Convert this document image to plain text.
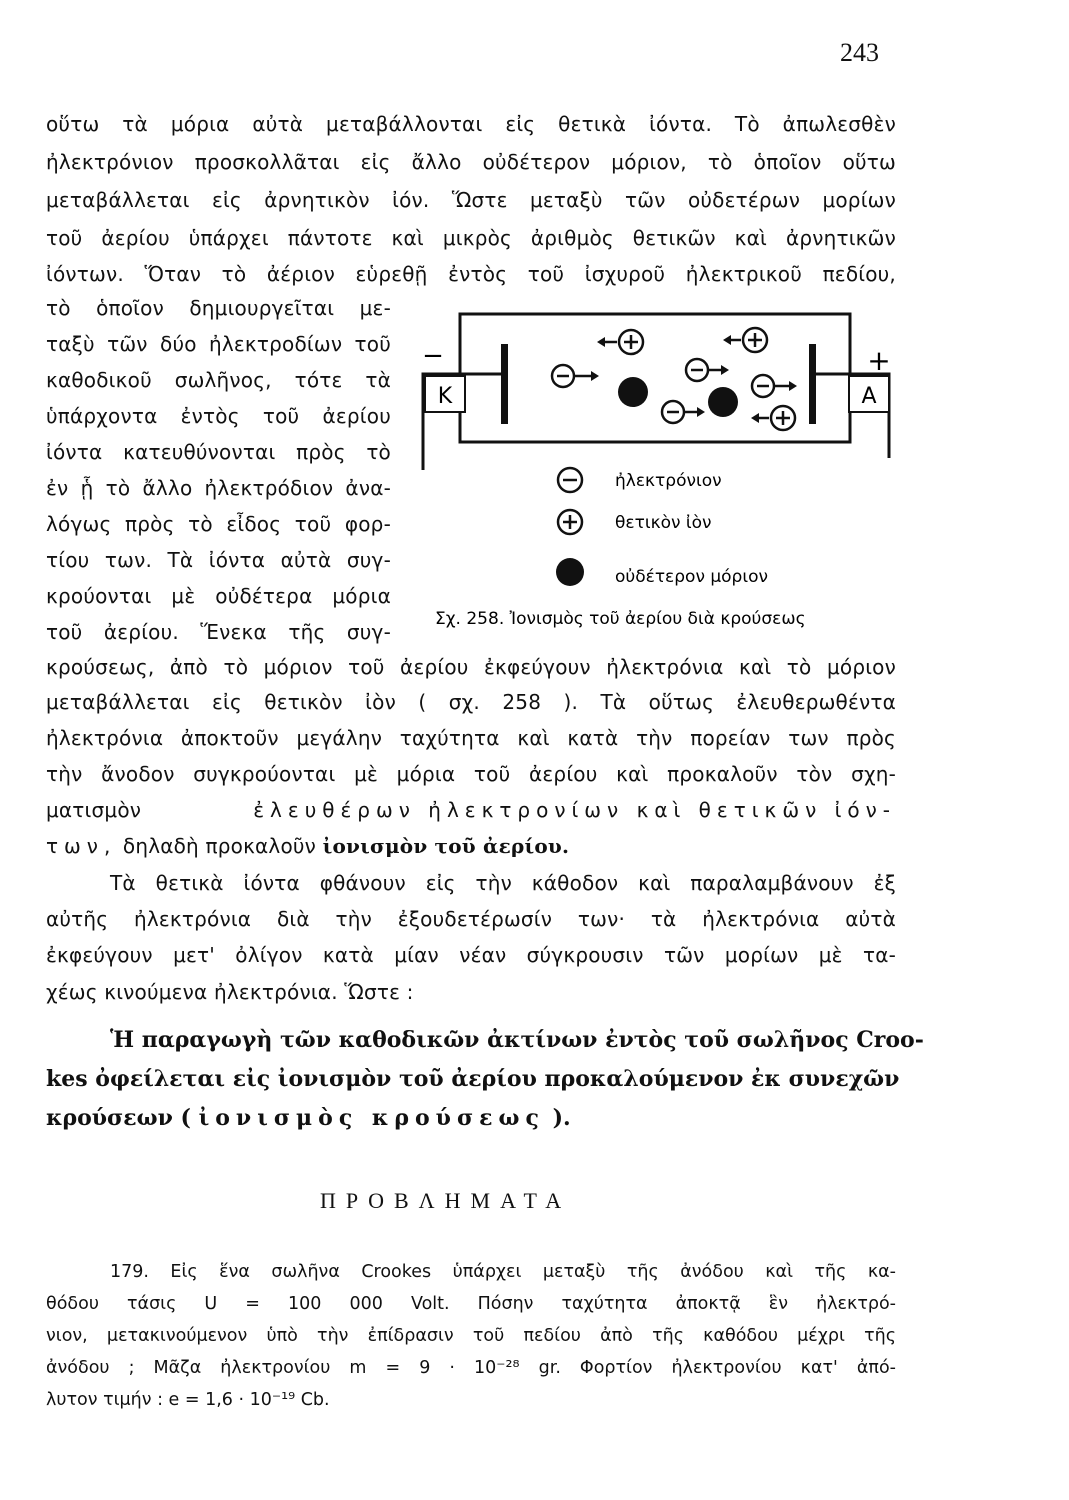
243
οὕτω τὰ μόρια αὐτὰ μεταβάλλονται εἰς θετικὰ ἰόντα. Τὸ ἀπωλεσθὲν
ἠλεκτρόνιον προσκολλᾶται εἰς ἄλλο οὐδέτερον μόριον, τὸ ὁποῖον οὕτω
μεταβάλλεται εἰς ἀρνητικὸν ἰόν. Ὥστε μεταξὺ τῶν οὐδετέρων μορίων
τοῦ ἀερίου ὑπάρχει πάντοτε καὶ μικρὸς ἀριθμὸς θετικῶν καὶ ἀρνητικῶν
ἰόντων. Ὅταν τὸ ἀέριον εὑρεθῇ ἐντὸς τοῦ ἰσχυροῦ ἠλεκτρικοῦ πεδίου,
τὸ ὁποῖον δημιουργεῖται με-
ταξὺ τῶν δύο ἠλεκτροδίων τοῦ
καθοδικοῦ σωλῆνος, τότε τὰ
ὑπάρχοντα ἐντὸς τοῦ ἀερίου
ἰόντα κατευθύνονται πρὸς τὸ
ἐν ᾗ τὸ ἄλλο ἠλεκτρόδιον ἀνα-
λόγως πρὸς τὸ εἶδος τοῦ φορ-
τίου των. Τὰ ἰόντα αὐτὰ συγ-
κρούονται μὲ οὐδέτερα μόρια
τοῦ ἀερίου. Ἕνεκα τῆς συγ-
K	A
−	+
ἠλεκτρόνιον
θετικὸν ἰὸν
οὐδέτερον μόριον
Σχ. 258. Ἰονισμὸς τοῦ ἀερίου διὰ κρούσεως
κρούσεως, ἀπὸ τὸ μόριον τοῦ ἀερίου ἐκφεύγουν ἠλεκτρόνια καὶ τὸ μόριον
μεταβάλλεται εἰς θετικὸν ἰὸν ( σχ. 258 ). Τὰ οὕτως ἐλευθερωθέντα
ἠλεκτρόνια ἀποκτοῦν μεγάλην ταχύτητα καὶ κατὰ τὴν πορείαν των πρὸς
τὴν ἄνοδον συγκρούονται μὲ μόρια τοῦ ἀερίου καὶ προκαλοῦν τὸν σχη-
ματισμὸν	ἐλευθέρων ἠλεκτρονίων καὶ θετικῶν ἰόν-
των, δηλαδὴ προκαλοῦν ἰονισμὸν τοῦ ἀερίου.
Τὰ θετικὰ ἰόντα φθάνουν εἰς τὴν κάθοδον καὶ παραλαμβάνουν ἐξ
αὐτῆς ἠλεκτρόνια διὰ τὴν ἐξουδετέρωσίν των· τὰ ἠλεκτρόνια αὐτὰ
ἐκφεύγουν μετ' ὀλίγον κατὰ μίαν νέαν σύγκρουσιν τῶν μορίων μὲ τα-
χέως κινούμενα ἠλεκτρόνια. Ὥστε :
Ἡ παραγωγὴ τῶν καθοδικῶν ἀκτίνων ἐντὸς τοῦ σωλῆνος Croo-
kes ὀφείλεται εἰς ἰονισμὸν τοῦ ἀερίου προκαλούμενον ἐκ συνεχῶν
κρούσεων ( ἰονισμὸς κρούσεως ).
ΠΡΟΒΛΗΜΑΤΑ
179. Εἰς ἕνα σωλῆνα Crookes ὑπάρχει μεταξὺ τῆς ἀνόδου καὶ τῆς κα-
θόδου τάσις U = 100 000 Volt. Πόσην ταχύτητα ἀποκτᾷ ἓν ἠλεκτρό-
νιον, μετακινούμενον ὑπὸ τὴν ἐπίδρασιν τοῦ πεδίου ἀπὸ τῆς καθόδου μέχρι τῆς
ἀνόδου ; Μᾶζα ἠλεκτρονίου m = 9 · 10⁻²⁸ gr. Φορτίον ἠλεκτρονίου κατ' ἀπό-
λυτον τιμήν : e = 1,6 · 10⁻¹⁹ Cb.
